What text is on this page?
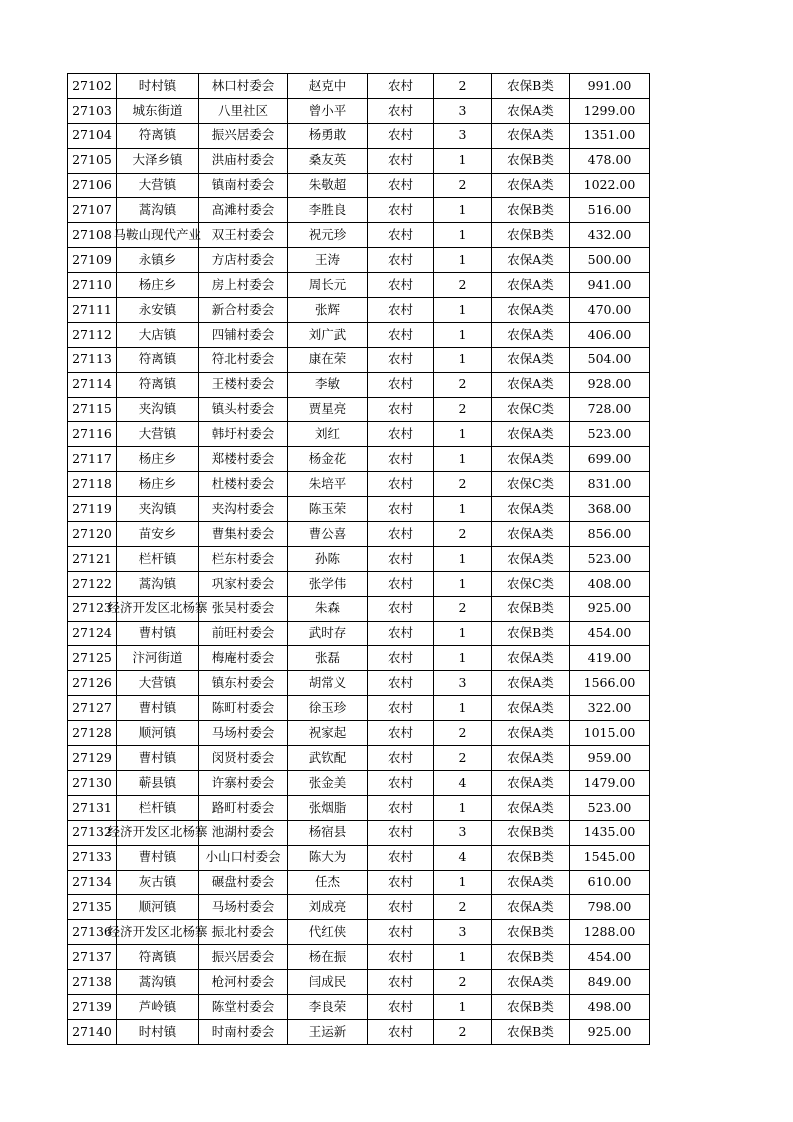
27102	时村镇	林口村委会	赵克中	农村	2	农保B类	991.00
27103	城东街道	八里社区	曾小平	农村	3	农保A类	1299.00
27104	符离镇	振兴居委会	杨勇敢	农村	3	农保A类	1351.00
27105	大泽乡镇	洪庙村委会	桑友英	农村	1	农保B类	478.00
27106	大营镇	镇南村委会	朱敬超	农村	2	农保A类	1022.00
27107	蒿沟镇	高滩村委会	李胜良	农村	1	农保B类	516.00
27108	马鞍山现代产业	双王村委会	祝元珍	农村	1	农保B类	432.00
27109	永镇乡	方店村委会	王涛	农村	1	农保A类	500.00
27110	杨庄乡	房上村委会	周长元	农村	2	农保A类	941.00
27111	永安镇	新合村委会	张辉	农村	1	农保A类	470.00
27112	大店镇	四铺村委会	刘广武	农村	1	农保A类	406.00
27113	符离镇	符北村委会	康在荣	农村	1	农保A类	504.00
27114	符离镇	王楼村委会	李敏	农村	2	农保A类	928.00
27115	夹沟镇	镇头村委会	贾星亮	农村	2	农保C类	728.00
27116	大营镇	韩圩村委会	刘红	农村	1	农保A类	523.00
27117	杨庄乡	郑楼村委会	杨金花	农村	1	农保A类	699.00
27118	杨庄乡	杜楼村委会	朱培平	农村	2	农保C类	831.00
27119	夹沟镇	夹沟村委会	陈玉荣	农村	1	农保A类	368.00
27120	苗安乡	曹集村委会	曹公喜	农村	2	农保A类	856.00
27121	栏杆镇	栏东村委会	孙陈	农村	1	农保A类	523.00
27122	蒿沟镇	巩家村委会	张学伟	农村	1	农保C类	408.00
27123	经济开发区北杨寨	张吴村委会	朱森	农村	2	农保B类	925.00
27124	曹村镇	前旺村委会	武时存	农村	1	农保B类	454.00
27125	汴河街道	梅庵村委会	张磊	农村	1	农保A类	419.00
27126	大营镇	镇东村委会	胡常义	农村	3	农保A类	1566.00
27127	曹村镇	陈町村委会	徐玉珍	农村	1	农保A类	322.00
27128	顺河镇	马场村委会	祝家起	农村	2	农保A类	1015.00
27129	曹村镇	闵贤村委会	武钦配	农村	2	农保A类	959.00
27130	蕲县镇	许寨村委会	张金美	农村	4	农保A类	1479.00
27131	栏杆镇	路町村委会	张烟脂	农村	1	农保A类	523.00
27132	经济开发区北杨寨	池湖村委会	杨宿县	农村	3	农保B类	1435.00
27133	曹村镇	小山口村委会	陈大为	农村	4	农保B类	1545.00
27134	灰古镇	碾盘村委会	任杰	农村	1	农保A类	610.00
27135	顺河镇	马场村委会	刘成亮	农村	2	农保A类	798.00
27136	经济开发区北杨寨	振北村委会	代红侠	农村	3	农保B类	1288.00
27137	符离镇	振兴居委会	杨在振	农村	1	农保B类	454.00
27138	蒿沟镇	枪河村委会	闫成民	农村	2	农保A类	849.00
27139	芦岭镇	陈堂村委会	李良荣	农村	1	农保B类	498.00
27140	时村镇	时南村委会	王运新	农村	2	农保B类	925.00
